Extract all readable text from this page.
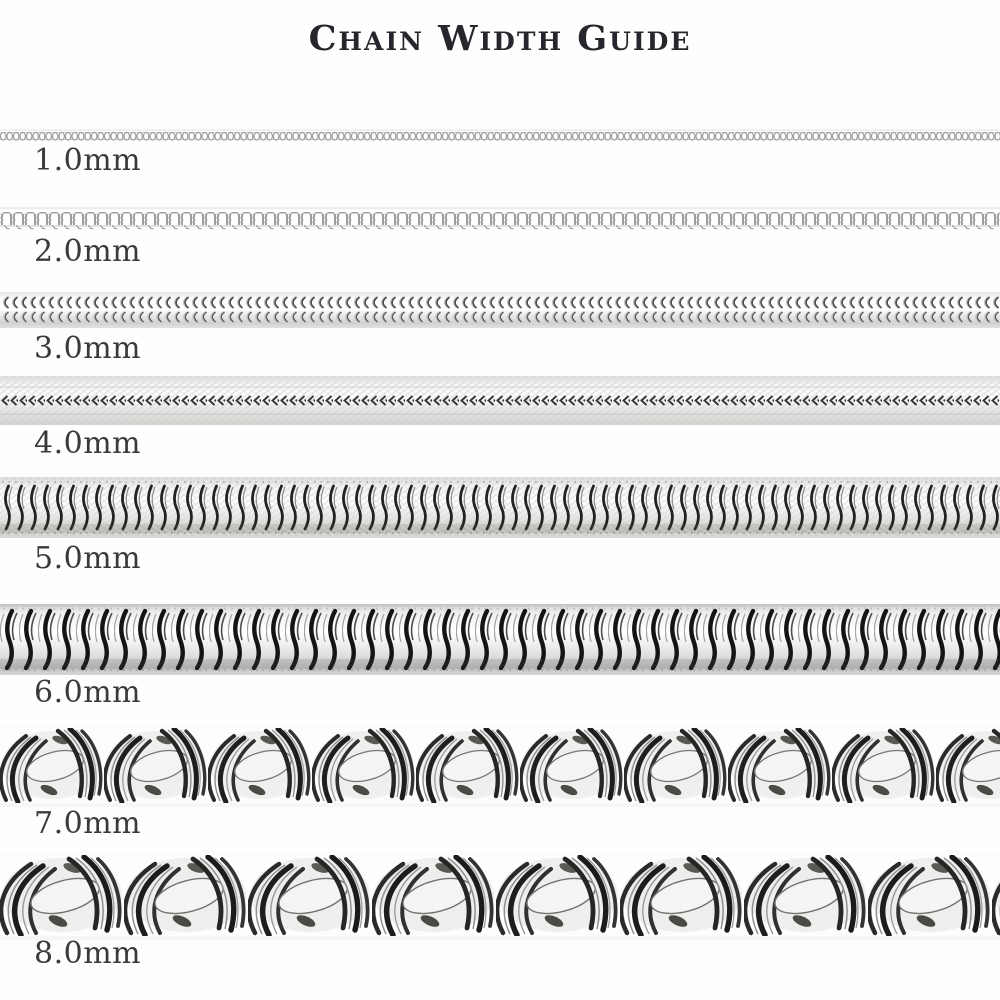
Chain Width Guide

1.0mm

2.0mm

3.0mm

4.0mm

5.0mm

6.0mm

7.0mm

8.0mm
